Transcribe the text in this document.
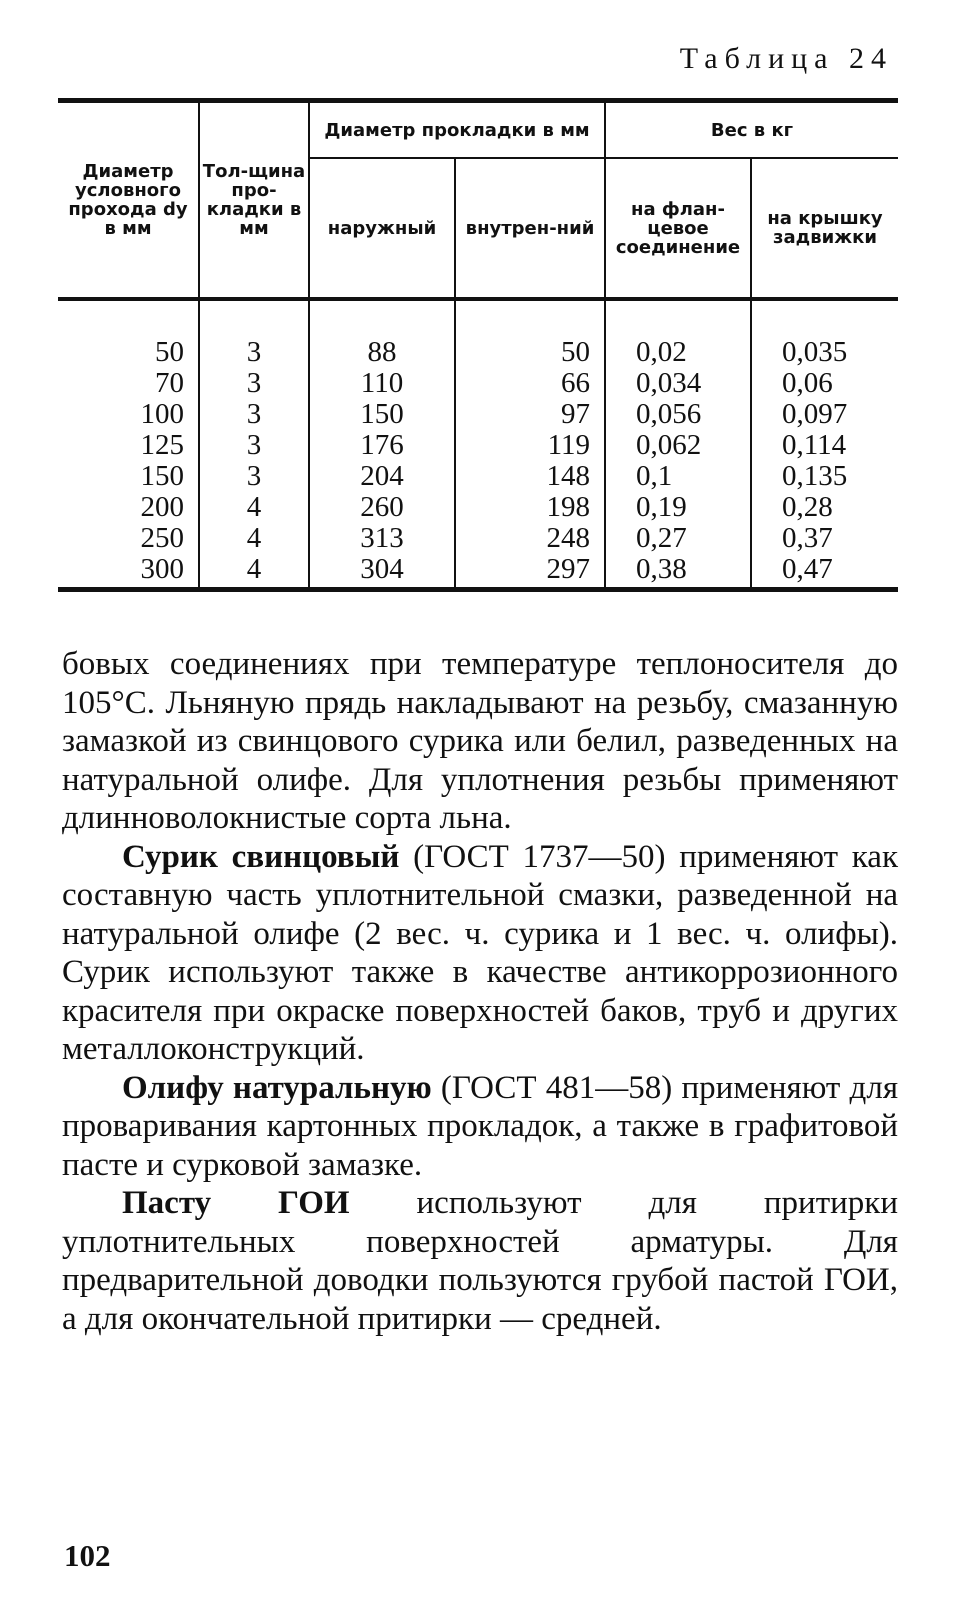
Таблица 24
Диаметр условного прохода dу в мм	Тол-щина про-кладки в мм	Диаметр прокладки в мм		Вес в кг	
		наружный	внутрен-ний	на флан-цевое соединение	на крышку задвижки
50	3	88	50	0,02	0,035
70	3	110	66	0,034	0,06
100	3	150	97	0,056	0,097
125	3	176	119	0,062	0,114
150	3	204	148	0,1	0,135
200	4	260	198	0,19	0,28
250	4	313	248	0,27	0,37
300	4	304	297	0,38	0,47

бовых соединениях при температуре теплоносителя до 105°С. Льняную прядь накладывают на резьбу, смазанную замазкой из свинцового сурика или белил, разведенных на натуральной олифе. Для уплотнения резьбы применяют длинноволокнистые сорта льна.

Сурик свинцовый (ГОСТ 1737—50) применяют как составную часть уплотнительной смазки, разведенной на натуральной олифе (2 вес. ч. сурика и 1 вес. ч. олифы). Сурик используют также в качестве антикоррозионного красителя при окраске поверхностей баков, труб и других металлоконструкций.

Олифу натуральную (ГОСТ 481—58) применяют для проваривания картонных прокладок, а также в графитовой пасте и сурковой замазке.

Пасту ГОИ используют для притирки уплотнительных поверхностей арматуры. Для предварительной доводки пользуются грубой пастой ГОИ, а для окончательной притирки — средней.

102
